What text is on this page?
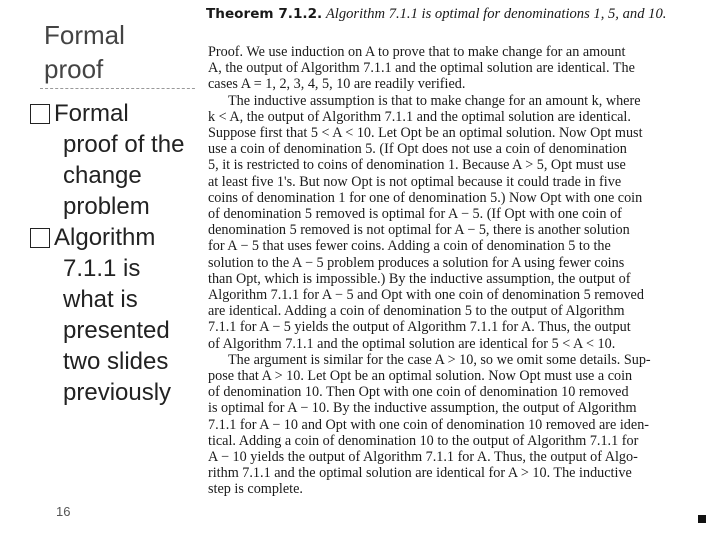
Formal
proof
Formal
proof of the
change
problem
Algorithm
7.1.1 is
what is
presented
two slides
previously
16
Theorem 7.1.2. Algorithm 7.1.1 is optimal for denominations 1, 5, and 10.
Proof. We use induction on A to prove that to make change for an amount
A, the output of Algorithm 7.1.1 and the optimal solution are identical. The
cases A = 1, 2, 3, 4, 5, 10 are readily verified.
The inductive assumption is that to make change for an amount k, where
k < A, the output of Algorithm 7.1.1 and the optimal solution are identical.
Suppose first that 5 < A < 10. Let Opt be an optimal solution. Now Opt must
use a coin of denomination 5. (If Opt does not use a coin of denomination
5, it is restricted to coins of denomination 1. Because A > 5, Opt must use
at least five 1's. But now Opt is not optimal because it could trade in five
coins of denomination 1 for one of denomination 5.) Now Opt with one coin
of denomination 5 removed is optimal for A − 5. (If Opt with one coin of
denomination 5 removed is not optimal for A − 5, there is another solution
for A − 5 that uses fewer coins. Adding a coin of denomination 5 to the
solution to the A − 5 problem produces a solution for A using fewer coins
than Opt, which is impossible.) By the inductive assumption, the output of
Algorithm 7.1.1 for A − 5 and Opt with one coin of denomination 5 removed
are identical. Adding a coin of denomination 5 to the output of Algorithm
7.1.1 for A − 5 yields the output of Algorithm 7.1.1 for A. Thus, the output
of Algorithm 7.1.1 and the optimal solution are identical for 5 < A < 10.
The argument is similar for the case A > 10, so we omit some details. Sup-
pose that A > 10. Let Opt be an optimal solution. Now Opt must use a coin
of denomination 10. Then Opt with one coin of denomination 10 removed
is optimal for A − 10. By the inductive assumption, the output of Algorithm
7.1.1 for A − 10 and Opt with one coin of denomination 10 removed are iden-
tical. Adding a coin of denomination 10 to the output of Algorithm 7.1.1 for
A − 10 yields the output of Algorithm 7.1.1 for A. Thus, the output of Algo-
rithm 7.1.1 and the optimal solution are identical for A > 10. The inductive
step is complete.
